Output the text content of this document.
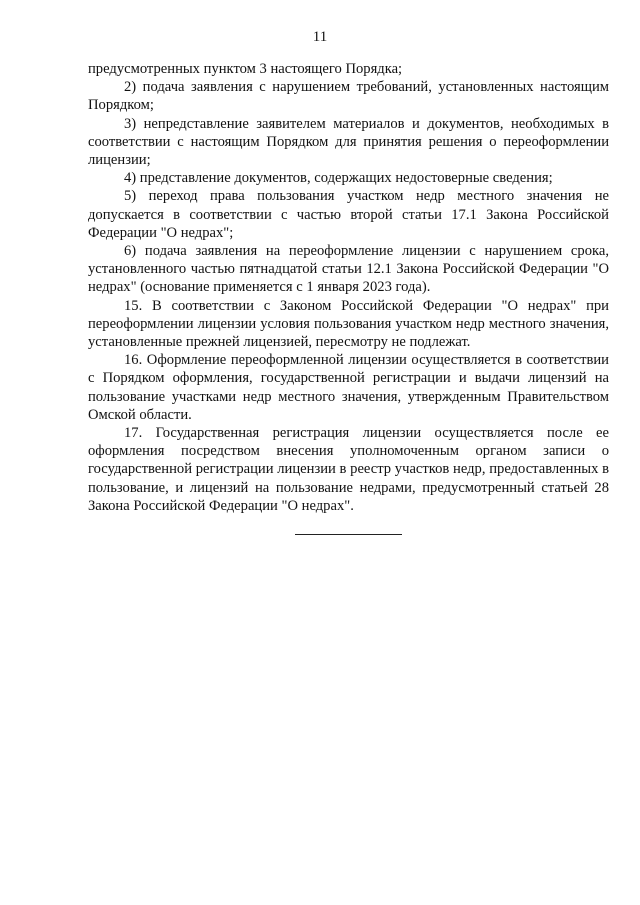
11

предусмотренных пунктом 3 настоящего Порядка;

2) подача заявления с нарушением требований, установленных настоящим Порядком;

3) непредставление заявителем материалов и документов, необходимых в соответствии с настоящим Порядком для принятия решения о переоформлении лицензии;

4) представление документов, содержащих недостоверные сведения;

5) переход права пользования участком недр местного значения не допускается в соответствии с частью второй статьи 17.1 Закона Российской Федерации "О недрах";

6) подача заявления на переоформление лицензии с нарушением срока, установленного частью пятнадцатой статьи 12.1 Закона Российской Федерации "О недрах" (основание применяется с 1 января 2023 года).

15. В соответствии с Законом Российской Федерации "О недрах" при переоформлении лицензии условия пользования участком недр местного значения, установленные прежней лицензией, пересмотру не подлежат.

16. Оформление переоформленной лицензии осуществляется в соответствии с Порядком оформления, государственной регистрации и выдачи лицензий на пользование участками недр местного значения, утвержденным Правительством Омской области.

17. Государственная регистрация лицензии осуществляется после ее оформления посредством внесения уполномоченным органом записи о государственной регистрации лицензии в реестр участков недр, предоставленных в пользование, и лицензий на пользование недрами, предусмотренный статьей 28 Закона Российской Федерации "О недрах".
